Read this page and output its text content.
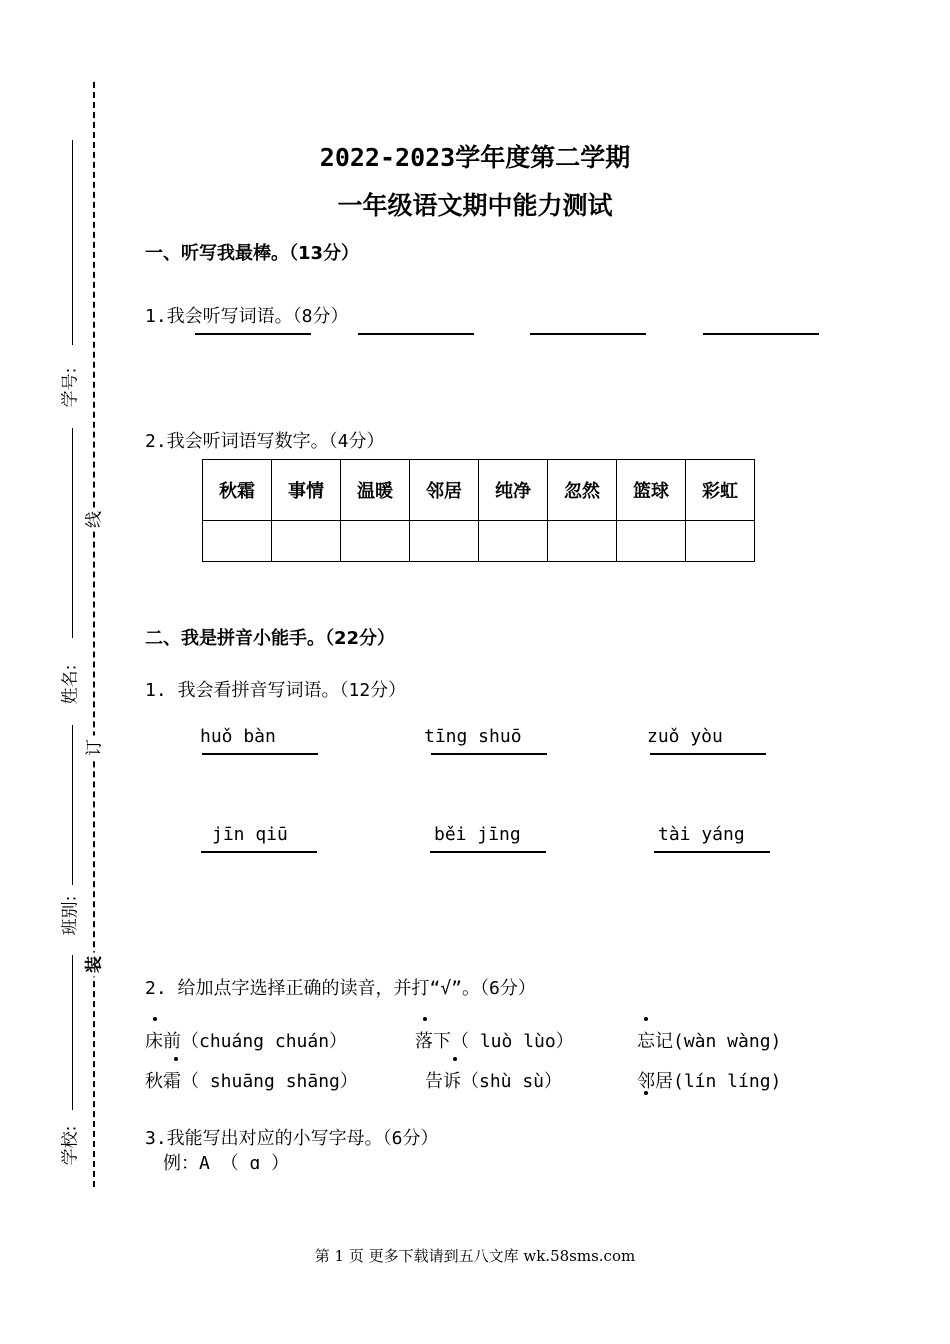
学号:
姓名:
班别:
学校:
线
订
装
2022-2023学年度第二学期
一年级语文期中能力测试
一、听写我最棒。（13分）
1.我会听写词语。（8分）
2.我会听词语写数字。（4分）
秋霜	事情	温暖	邻居	纯净	忽然	篮球	彩虹

二、我是拼音小能手。（22分）
1. 我会看拼音写词语。（12分）
huǒ bàn	tīng shuō	zuǒ yòu
jīn qiū	běi jīng	tài yáng
2. 给加点字选择正确的读音，并打“√”。（6分）
床前（chuáng chuán）	落下（ luò lùo）	忘记(wàn wàng)
秋霜（ shuāng shāng）	告诉（shù sù）	邻居(lín líng)
3.我能写出对应的小写字母。（6分）
例：A （ ɑ ）
第 1 页 更多下载请到五八文库 wk.58sms.com
